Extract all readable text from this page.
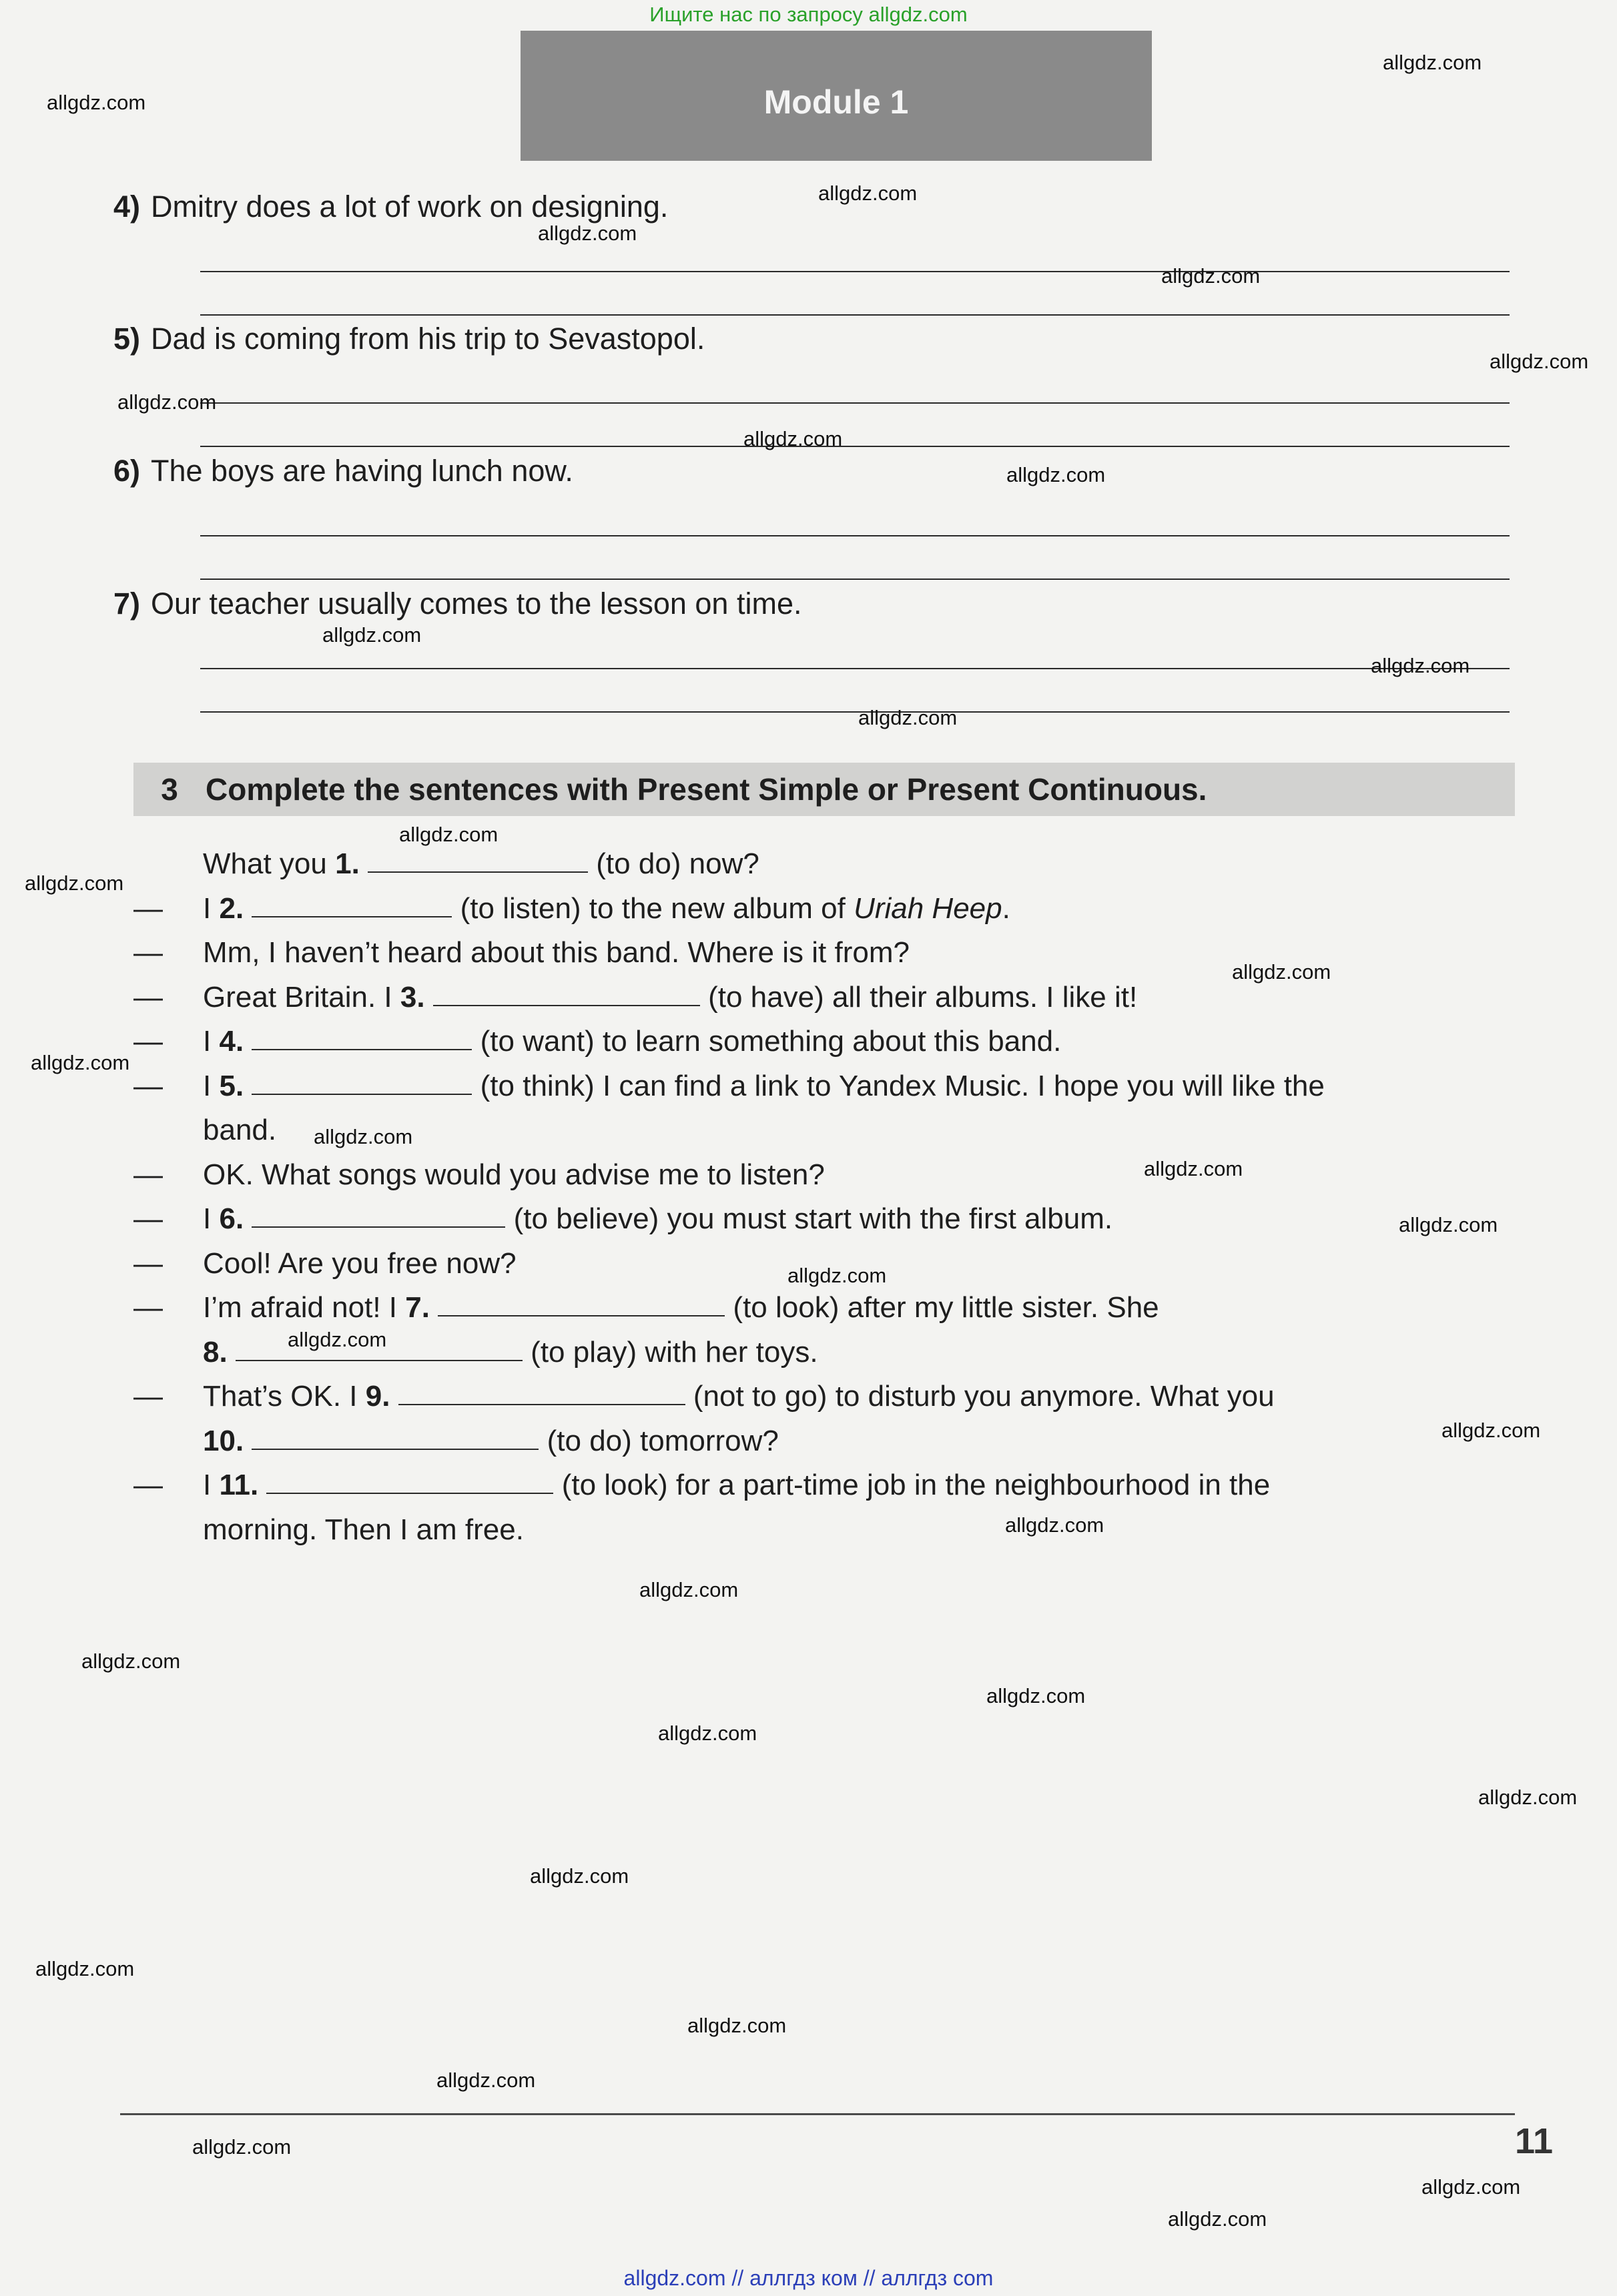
Ищите нас по запросу allgdz.com
Module 1
4) Dmitry does a lot of work on designing.
5) Dad is coming from his trip to Sevastopol.
6) The boys are having lunch now.
7) Our teacher usually comes to the lesson on time.
3 Complete the sentences with Present Simple or Present Continuous.
What you
1.

	(to do) now?
—	I
2.

	(to listen) to the new album of
Uriah Heep .
—	Mm, I haven’t heard about this band. Where is it from?
—	Great Britain. I
3.

	(to have) all their albums. I like it!
—	I
4.

	(to want) to learn something about this band.
—	I
5.

	(to think) I can find a link to Yandex Music. I hope you will like the
band.
—	OK. What songs would you advise me to listen?
—	I
6.

	(to believe) you must start with the first album.
—	Cool! Are you free now?
—	I’m afraid not! I
7.

	(to look) after my little sister. She
8.

	(to play) with her toys.
—	That’s OK. I
9.

	(not to go) to disturb you anymore. What you
10.

	(to do) tomorrow?
—	I
11.

	(to look) for a part-time job in the neighbourhood in the
morning. Then I am free.
11
allgdz.com
allgdz.com
allgdz.com
allgdz.com
allgdz.com
allgdz.com
allgdz.com
allgdz.com
allgdz.com
allgdz.com
allgdz.com
allgdz.com
allgdz.com
allgdz.com
allgdz.com
allgdz.com
allgdz.com
allgdz.com
allgdz.com
allgdz.com
allgdz.com
allgdz.com
allgdz.com
allgdz.com
allgdz.com
allgdz.com
allgdz.com
allgdz.com
allgdz.com
allgdz.com
allgdz.com
allgdz.com
allgdz.com
allgdz.com
allgdz.com
allgdz.com // аллгдз ком // аллгдз com
